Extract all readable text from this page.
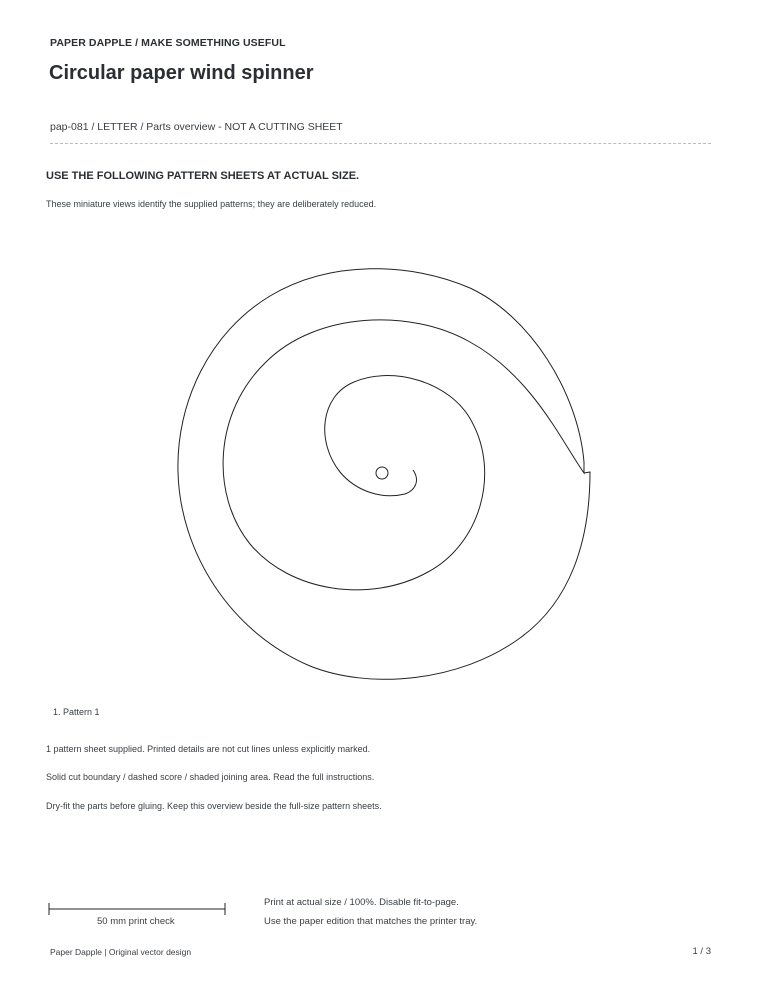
PAPER DAPPLE / MAKE SOMETHING USEFUL
Circular paper wind spinner
pap-081 / LETTER / Parts overview - NOT A CUTTING SHEET
USE THE FOLLOWING PATTERN SHEETS AT ACTUAL SIZE.
These miniature views identify the supplied patterns; they are deliberately reduced.
1. Pattern 1
1 pattern sheet supplied. Printed details are not cut lines unless explicitly marked.
Solid cut boundary / dashed score / shaded joining area. Read the full instructions.
Dry-fit the parts before gluing. Keep this overview beside the full-size pattern sheets.
50 mm print check
Print at actual size / 100%. Disable fit-to-page.
Use the paper edition that matches the printer tray.
Paper Dapple | Original vector design	1 / 3
